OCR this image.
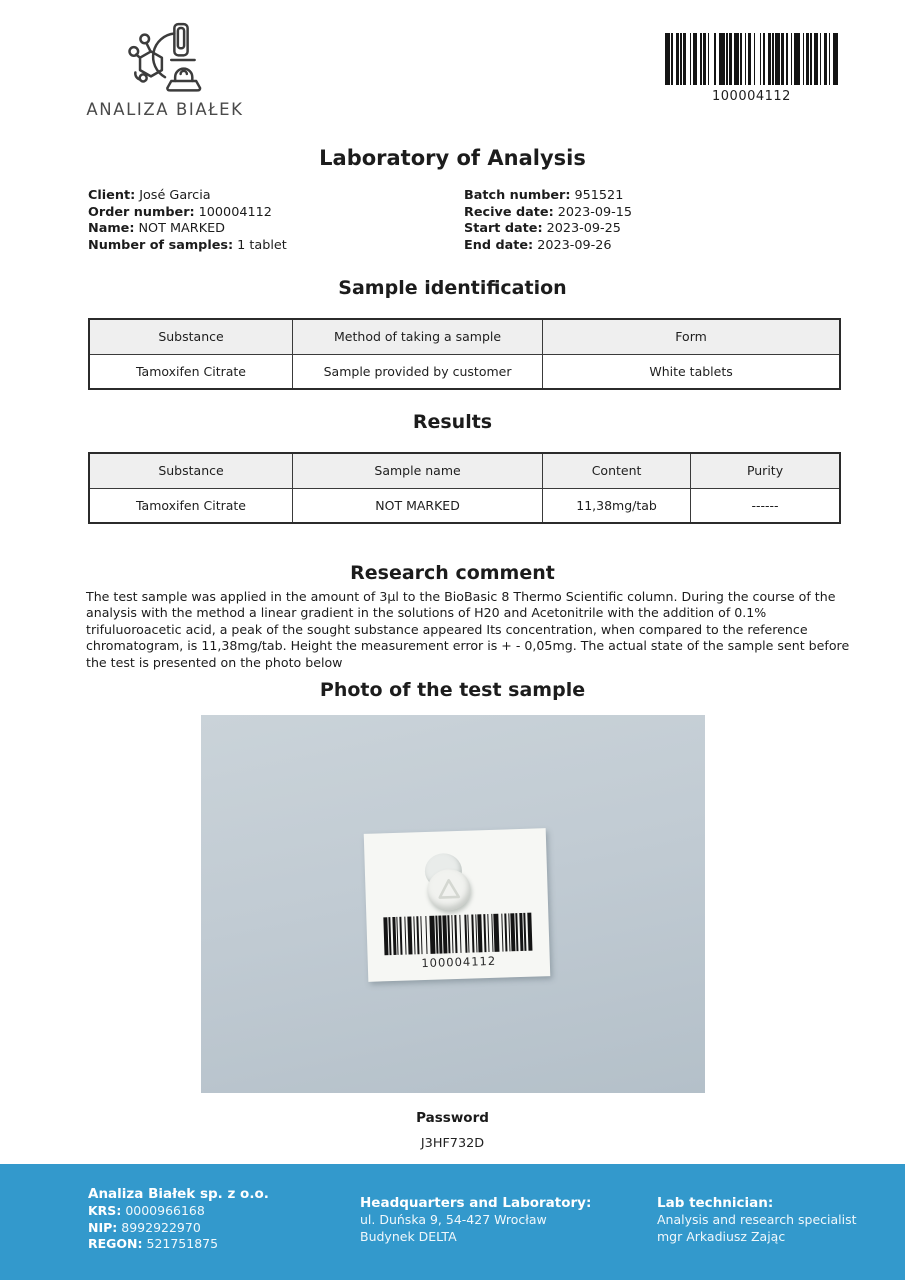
ANALIZA BIAŁEK
100004112
Laboratory of Analysis
Client: José Garcia
Order number: 100004112
Name: NOT MARKED
Number of samples: 1 tablet
Batch number: 951521
Recive date: 2023-09-15
Start date: 2023-09-25
End date: 2023-09-26
Sample identification
Substance	Method of taking a sample	Form
Tamoxifen Citrate	Sample provided by customer	White tablets
Results
Substance	Sample name	Content	Purity
Tamoxifen Citrate	NOT MARKED	11,38mg/tab	------
Research comment

The test sample was applied in the amount of 3μl to the BioBasic 8 Thermo Scientific column. During the course of the analysis with the method a linear gradient in the solutions of H20 and Acetonitrile with the addition of 0.1% trifuluoroacetic acid, a peak of the sought substance appeared Its concentration, when compared to the reference chromatogram, is 11,38mg/tab. Height the measurement error is + - 0,05mg. The actual state of the sample sent before the test is presented on the photo below

Photo of the test sample
100004112
Password
J3HF732D
Analiza Białek sp. z o.o.
KRS: 0000966168
NIP: 8992922970
REGON: 521751875
Headquarters and Laboratory:
ul. Duńska 9, 54-427 Wrocław
Budynek DELTA
Lab technician:
Analysis and research specialist
mgr Arkadiusz Zając
